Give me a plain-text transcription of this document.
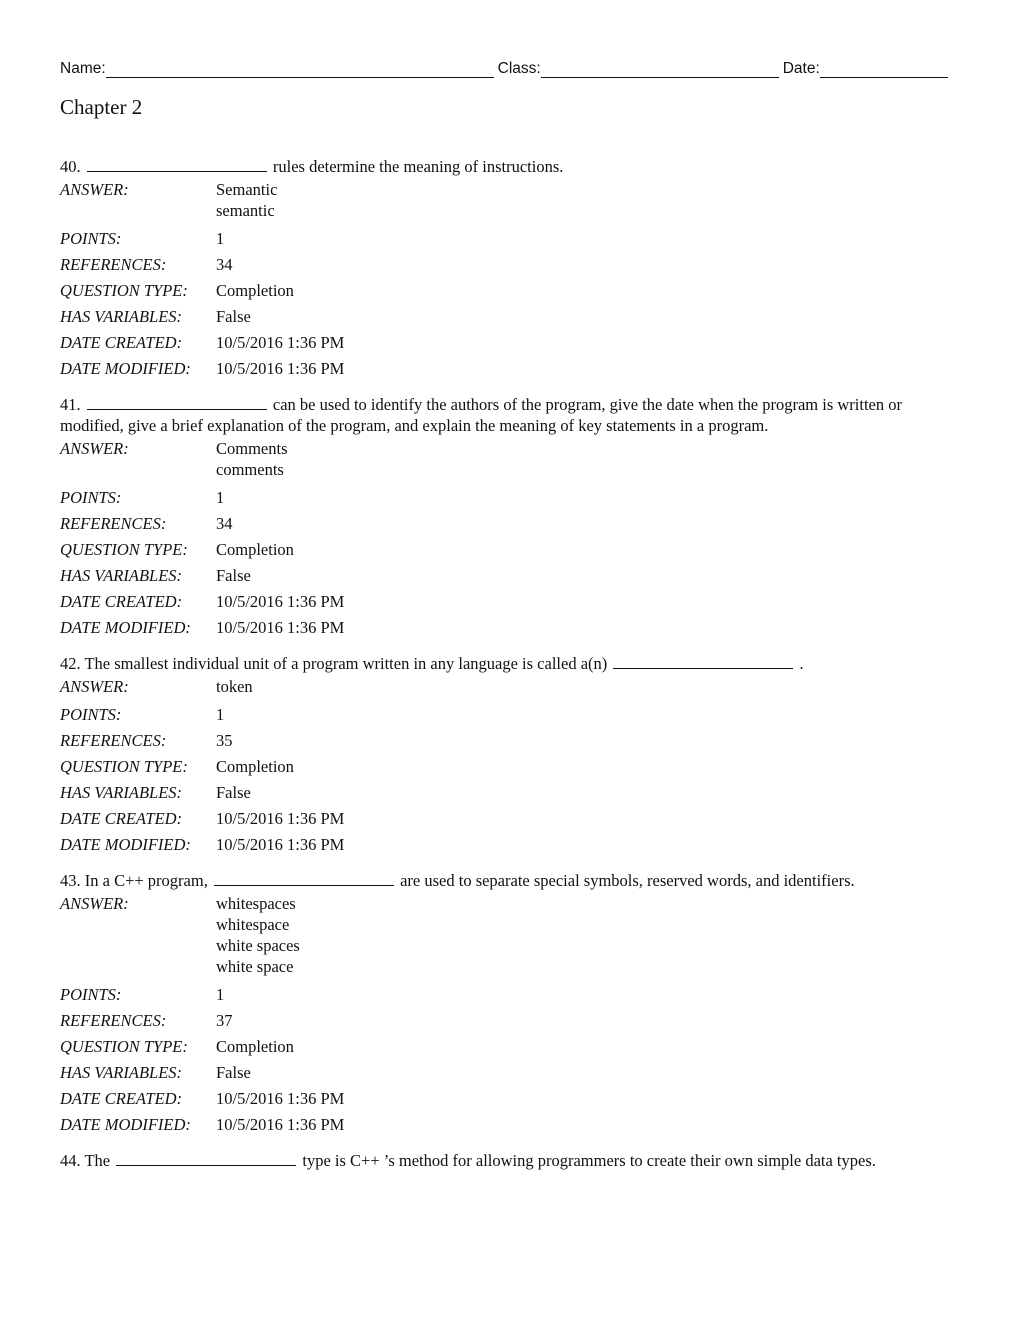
Name:	Class:	Date:
Chapter 2
40.	rules determine the meaning of instructions.
ANSWER:	Semantic
semantic
POINTS:	1
REFERENCES:	34
QUESTION TYPE:	Completion
HAS VARIABLES:	False
DATE CREATED:	10/5/2016 1:36 PM
DATE MODIFIED:	10/5/2016 1:36 PM
41.	can be used to identify the authors of the program, give the date when the program is written or modified, give a brief explanation of the program, and explain the meaning of key statements in a program.
ANSWER:	Comments
comments
POINTS:	1
REFERENCES:	34
QUESTION TYPE:	Completion
HAS VARIABLES:	False
DATE CREATED:	10/5/2016 1:36 PM
DATE MODIFIED:	10/5/2016 1:36 PM
42. The smallest individual unit of a program written in any language is called a(n)	.
ANSWER:	token
POINTS:	1
REFERENCES:	35
QUESTION TYPE:	Completion
HAS VARIABLES:	False
DATE CREATED:	10/5/2016 1:36 PM
DATE MODIFIED:	10/5/2016 1:36 PM
43. In a C++ program,	are used to separate special symbols, reserved words, and identifiers.
ANSWER:	whitespaces
whitespace
white spaces
white space
POINTS:	1
REFERENCES:	37
QUESTION TYPE:	Completion
HAS VARIABLES:	False
DATE CREATED:	10/5/2016 1:36 PM
DATE MODIFIED:	10/5/2016 1:36 PM
44. The	type is C++ ’s method for allowing programmers to create their own simple data types.
